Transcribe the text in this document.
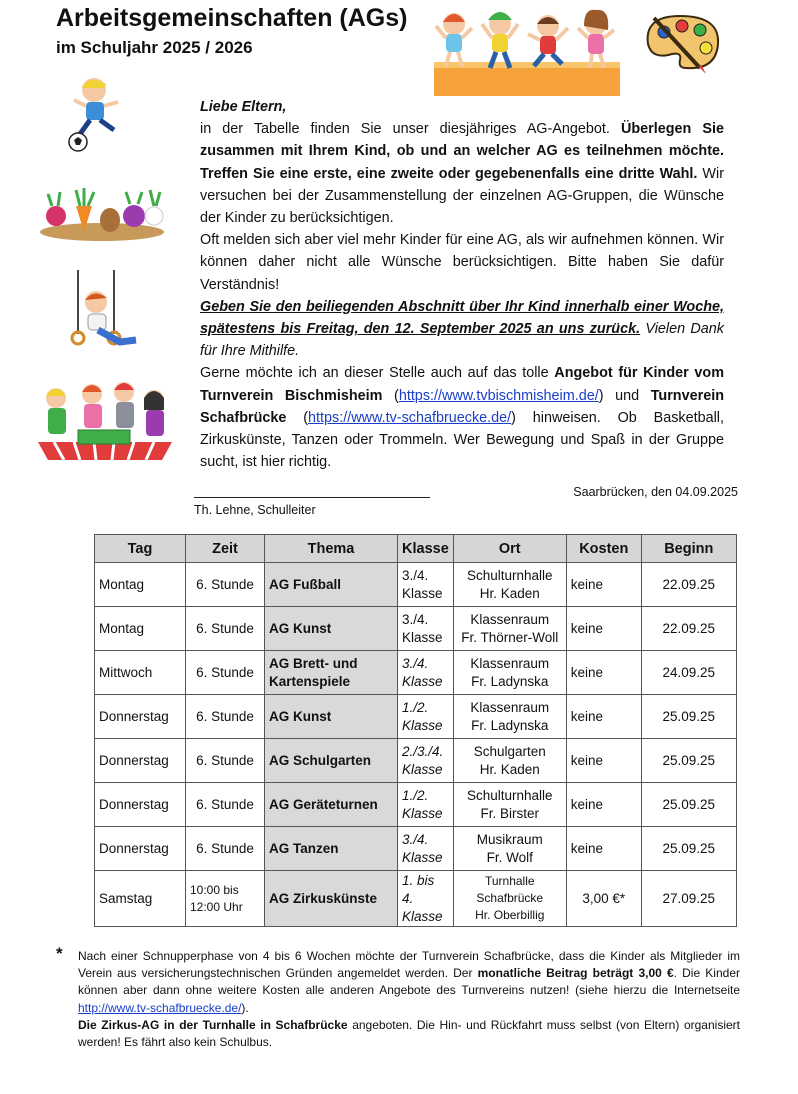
Arbeitsgemeinschaften (AGs)
im Schuljahr 2025 / 2026

Liebe Eltern,

in der Tabelle finden Sie unser diesjähriges AG-Angebot. Überlegen Sie zusammen mit Ihrem Kind, ob und an welcher AG es teilnehmen möchte. Treffen Sie eine erste, eine zweite oder gegebenenfalls eine dritte Wahl. Wir versuchen bei der Zusammenstellung der einzelnen AG-Gruppen, die Wünsche der Kinder zu berücksichtigen.

Oft melden sich aber viel mehr Kinder für eine AG, als wir aufnehmen können. Wir können daher nicht alle Wünsche berücksichtigen. Bitte haben Sie dafür Verständnis!

Geben Sie den beiliegenden Abschnitt über Ihr Kind innerhalb einer Woche, spätestens bis Freitag, den 12. September 2025 an uns zurück. Vielen Dank für Ihre Mithilfe.

Gerne möchte ich an dieser Stelle auch auf das tolle Angebot für Kinder vom Turnverein Bischmisheim (https://www.tvbischmisheim.de/) und Turnverein Schafbrücke (https://www.tv-schafbruecke.de/) hinweisen. Ob Basketball, Zirkuskünste, Tanzen oder Trommeln. Wer Bewegung und Spaß in der Gruppe sucht, ist hier richtig.

Saarbrücken, den 04.09.2025
Th. Lehne, Schulleiter
Tag	Zeit	Thema	Klasse	Ort	Kosten	Beginn
Montag	6. Stunde	AG Fußball	3./4. Klasse	Schulturnhalle
Hr. Kaden	keine	22.09.25
Montag	6. Stunde	AG Kunst	3./4. Klasse	Klassenraum
Fr. Thörner-Woll	keine	22.09.25
Mittwoch	6. Stunde	AG Brett- und Kartenspiele	3./4. Klasse	Klassenraum
Fr. Ladynska	keine	24.09.25
Donnerstag	6. Stunde	AG Kunst	1./2. Klasse	Klassenraum
Fr. Ladynska	keine	25.09.25
Donnerstag	6. Stunde	AG Schulgarten	2./3./4. Klasse	Schulgarten
Hr. Kaden	keine	25.09.25
Donnerstag	6. Stunde	AG Geräteturnen	1./2. Klasse	Schulturnhalle
Fr. Birster	keine	25.09.25
Donnerstag	6. Stunde	AG Tanzen	3./4. Klasse	Musikraum
Fr. Wolf	keine	25.09.25
Samstag	10:00 bis 12:00 Uhr	AG Zirkuskünste	1. bis 4. Klasse	Turnhalle
Schafbrücke
Hr. Oberbillig	3,00 €*	27.09.25
* Nach einer Schnupperphase von 4 bis 6 Wochen möchte der Turnverein Schafbrücke, dass die Kinder als Mitglieder im Verein aus versicherungstechnischen Gründen angemeldet werden. Der monatliche Beitrag beträgt 3,00 €. Die Kinder können aber dann ohne weitere Kosten alle anderen Angebote des Turnvereins nutzen! (siehe hierzu die Internetseite http://www.tv-schafbruecke.de/).

Die Zirkus-AG in der Turnhalle in Schafbrücke angeboten. Die Hin- und Rückfahrt muss selbst (von Eltern) organisiert werden! Es fährt also kein Schulbus.
